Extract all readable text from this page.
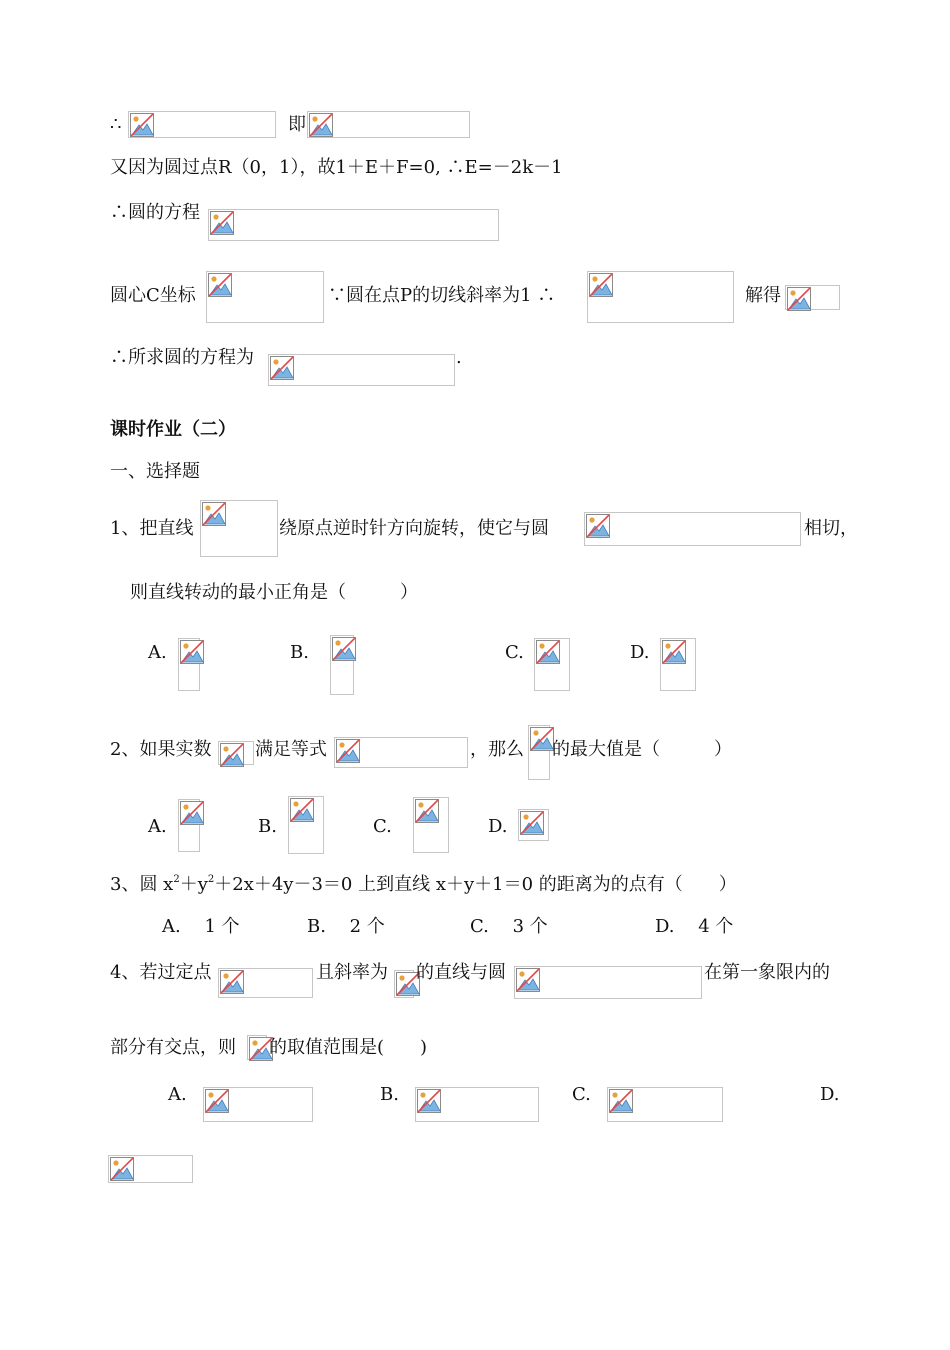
∴	即
又因为圆过点R（0，1），故1＋E＋F=0, ∴E=－2k－1
∴圆的方程
圆心C坐标	∵圆在点P的切线斜率为1 ∴	解得
∴所求圆的方程为	.
课时作业（二）
一、选择题
1、把直线	绕原点逆时针方向旋转，使它与圆	相切，
则直线转动的最小正角是（　　　）
A.	B.	C.	D.
2、如果实数 满足等式	，那么 的最大值是（　　　）
A.	B.	C.	D.
3、圆 $x^2+y^2+2x+4y-3=0$ 上到直线 x＋y＋1＝0 的距离为的点有（　　）
A.　 1 个	B.　 2 个	C.　 3 个	D.　 4 个
4、若过定点	且斜率为 的直线与圆	在第一象限内的
部分有交点，则 的取值范围是(　　)
A.	B.	C.	D.
